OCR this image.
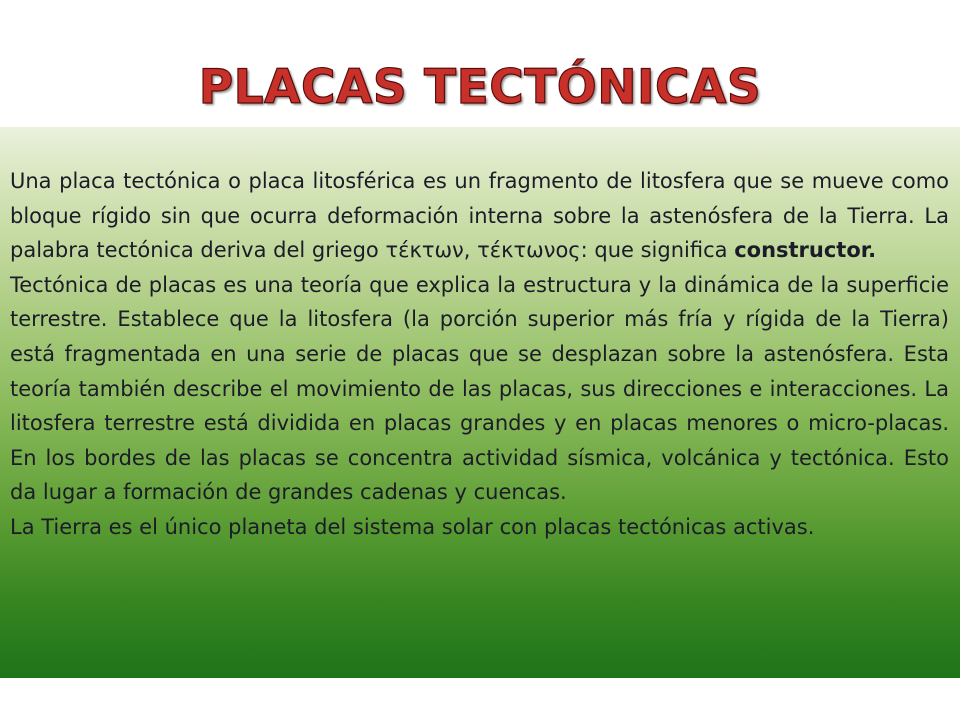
PLACAS TECTÓNICAS

Una placa tectónica o placa litosférica es un fragmento de litosfera que se mueve como bloque rígido sin que ocurra deformación interna sobre la astenósfera de la Tierra. La palabra tectónica deriva del griego τέκτων, τέκτωνος: que significa constructor.

Tectónica de placas es una teoría que explica la estructura y la dinámica de la superficie terrestre. Establece que la litosfera (la porción superior más fría y rígida de la Tierra) está fragmentada en una serie de placas que se desplazan sobre la astenósfera. Esta teoría también describe el movimiento de las placas, sus direcciones e interacciones. La litosfera terrestre está dividida en placas grandes y en placas menores o micro-placas. En los bordes de las placas se concentra actividad sísmica, volcánica y tectónica. Esto da lugar a formación de grandes cadenas y cuencas.

La Tierra es el único planeta del sistema solar con placas tectónicas activas.
